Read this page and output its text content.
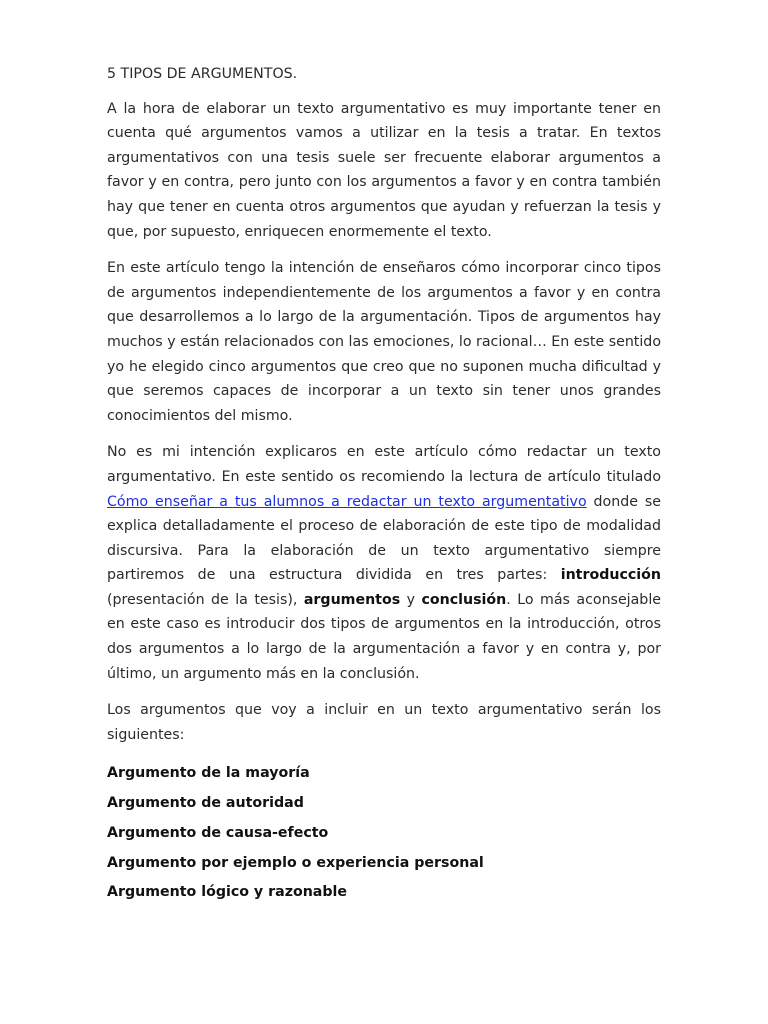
5 TIPOS DE ARGUMENTOS.

A la hora de elaborar un texto argumentativo es muy importante tener en cuenta qué argumentos vamos a utilizar en la tesis a tratar. En textos argumentativos con una tesis suele ser frecuente elaborar argumentos a favor y en contra, pero junto con los argumentos a favor y en contra también hay que tener en cuenta otros argumentos que ayudan y refuerzan la tesis y que, por supuesto, enriquecen enormemente el texto.

En este artículo tengo la intención de enseñaros cómo incorporar cinco tipos de argumentos independientemente de los argumentos a favor y en contra que desarrollemos a lo largo de la argumentación. Tipos de argumentos hay muchos y están relacionados con las emociones, lo racional… En este sentido yo he elegido cinco argumentos que creo que no suponen mucha dificultad y que seremos capaces de incorporar a un texto sin tener unos grandes conocimientos del mismo.

No es mi intención explicaros en este artículo cómo redactar un texto argumentativo. En este sentido os recomiendo la lectura de artículo titulado Cómo enseñar a tus alumnos a redactar un texto argumentativo donde se explica detalladamente el proceso de elaboración de este tipo de modalidad discursiva. Para la elaboración de un texto argumentativo siempre partiremos de una estructura dividida en tres partes: introducción (presentación de la tesis), argumentos y conclusión. Lo más aconsejable en este caso es introducir dos tipos de argumentos en la introducción, otros dos argumentos a lo largo de la argumentación a favor y en contra y, por último, un argumento más en la conclusión.

Los argumentos que voy a incluir en un texto argumentativo serán los siguientes:

Argumento de la mayoría
Argumento de autoridad
Argumento de causa-efecto
Argumento por ejemplo o experiencia personal
Argumento lógico y razonable
